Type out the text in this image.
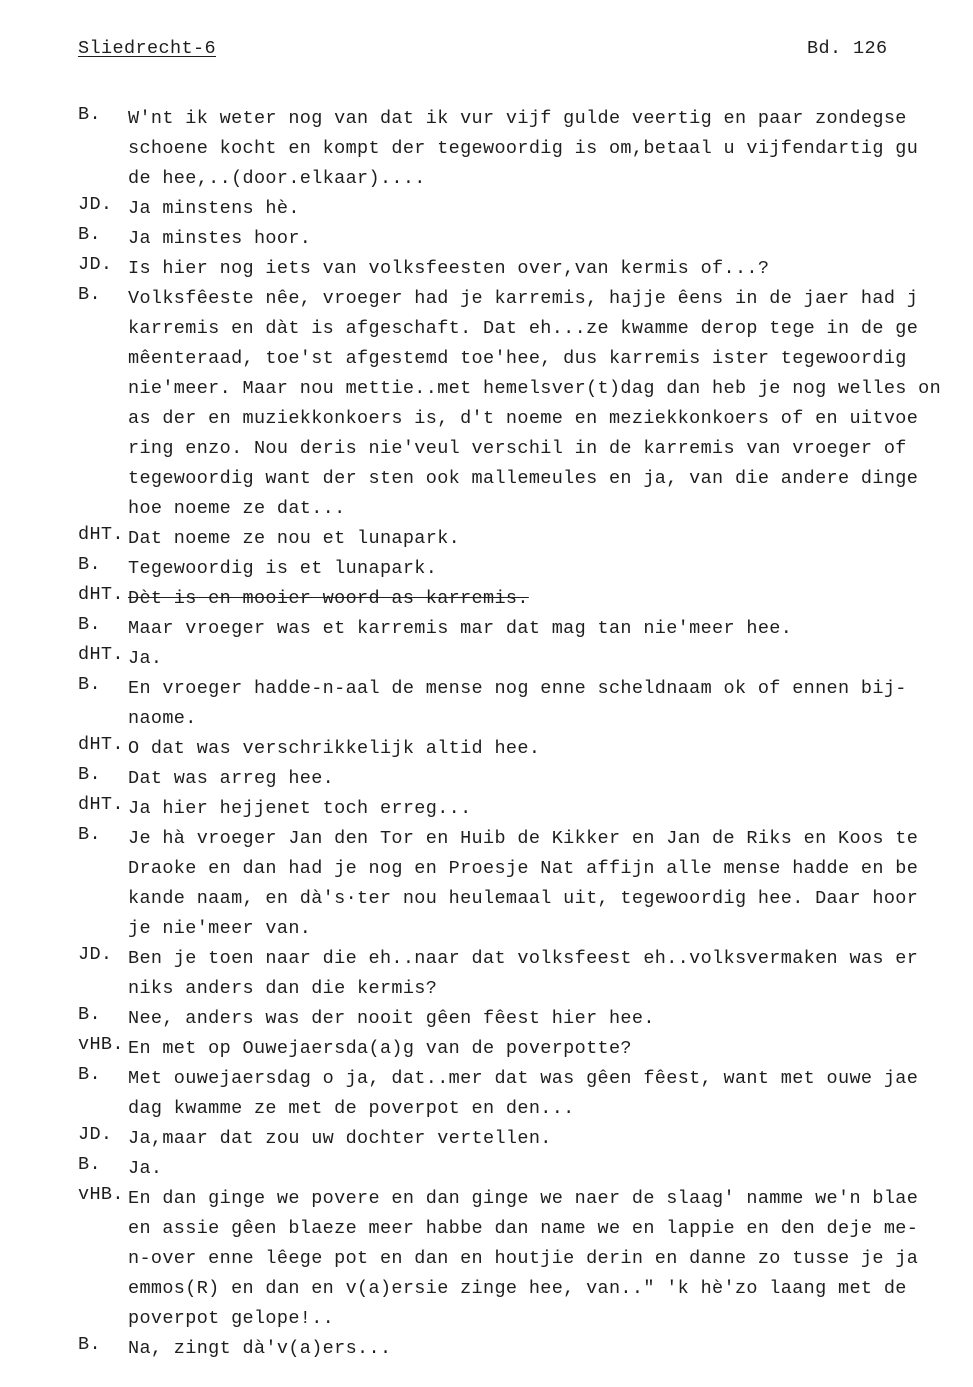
Sliedrecht-6	Bd. 126
B.	W'nt ik weter nog van dat ik vur vijf gulde veertig en paar zondegse
schoene kocht en kompt der tegewoordig is om,betaal u vijfendartig gu
de hee,..(door.elkaar)....
JD. Ja minstens hè.
B.	Ja minstes hoor.
JD. Is hier nog iets van volksfeesten over,van kermis of...?
B.	Volksfêeste nêe, vroeger had je karremis, hajje êens in de jaer had j
karremis en dàt is afgeschaft. Dat eh...ze kwamme derop tege in de ge
mêenteraad, toe'st afgestemd toe'hee, dus karremis ister tegewoordig
nie'meer. Maar nou mettie..met hemelsver(t)dag dan heb je nog welles on
as der en muziekkonkoers is, d't noeme en meziekkonkoers of en uitvoe
ring enzo. Nou deris nie'veul verschil in de karremis van vroeger of
tegewoordig want der sten ook mallemeules en ja, van die andere dinge
hoe noeme ze dat...
dHT. Dat noeme ze nou et lunapark.
B.	Tegewoordig is et lunapark.
dHT. Dèt is en mooier woord as karremis.
B.	Maar vroeger was et karremis mar dat mag tan nie'meer hee.
dHT. Ja.
B.	En vroeger hadde-n-aal de mense nog enne scheldnaam ok of ennen bij-
naome.
dHT. O dat was verschrikkelijk altid hee.
B.	Dat was arreg hee.
dHT. Ja hier hejjenet toch erreg...
B.	Je hà vroeger Jan den Tor en Huib de Kikker en Jan de Riks en Koos te
Draoke en dan had je nog en Proesje Nat affijn alle mense hadde en be
kande naam, en dà's·ter nou heulemaal uit, tegewoordig hee. Daar hoor
je nie'meer van.
JD. Ben je toen naar die eh..naar dat volksfeest eh..volksvermaken was er
niks anders dan die kermis?
B.	Nee, anders was der nooit gêen fêest hier hee.
vHB. En met op Ouwejaersda(a)g van de poverpotte?
B.	Met ouwejaersdag o ja, dat..mer dat was gêen fêest, want met ouwe jae
dag kwamme ze met de poverpot en den...
JD. Ja,maar dat zou uw dochter vertellen.
B.	Ja.
vHB. En dan ginge we povere en dan ginge we naer de slaag' namme we'n blae
en assie gêen blaeze meer habbe dan name we en lappie en den deje me-
n-over enne lêege pot en dan en houtjie derin en danne zo tusse je ja
emmos(R) en dan en v(a)ersie zinge hee, van.." 'k hè'zo laang met de
poverpot gelope!..
B.	Na, zingt dà'v(a)ers...
